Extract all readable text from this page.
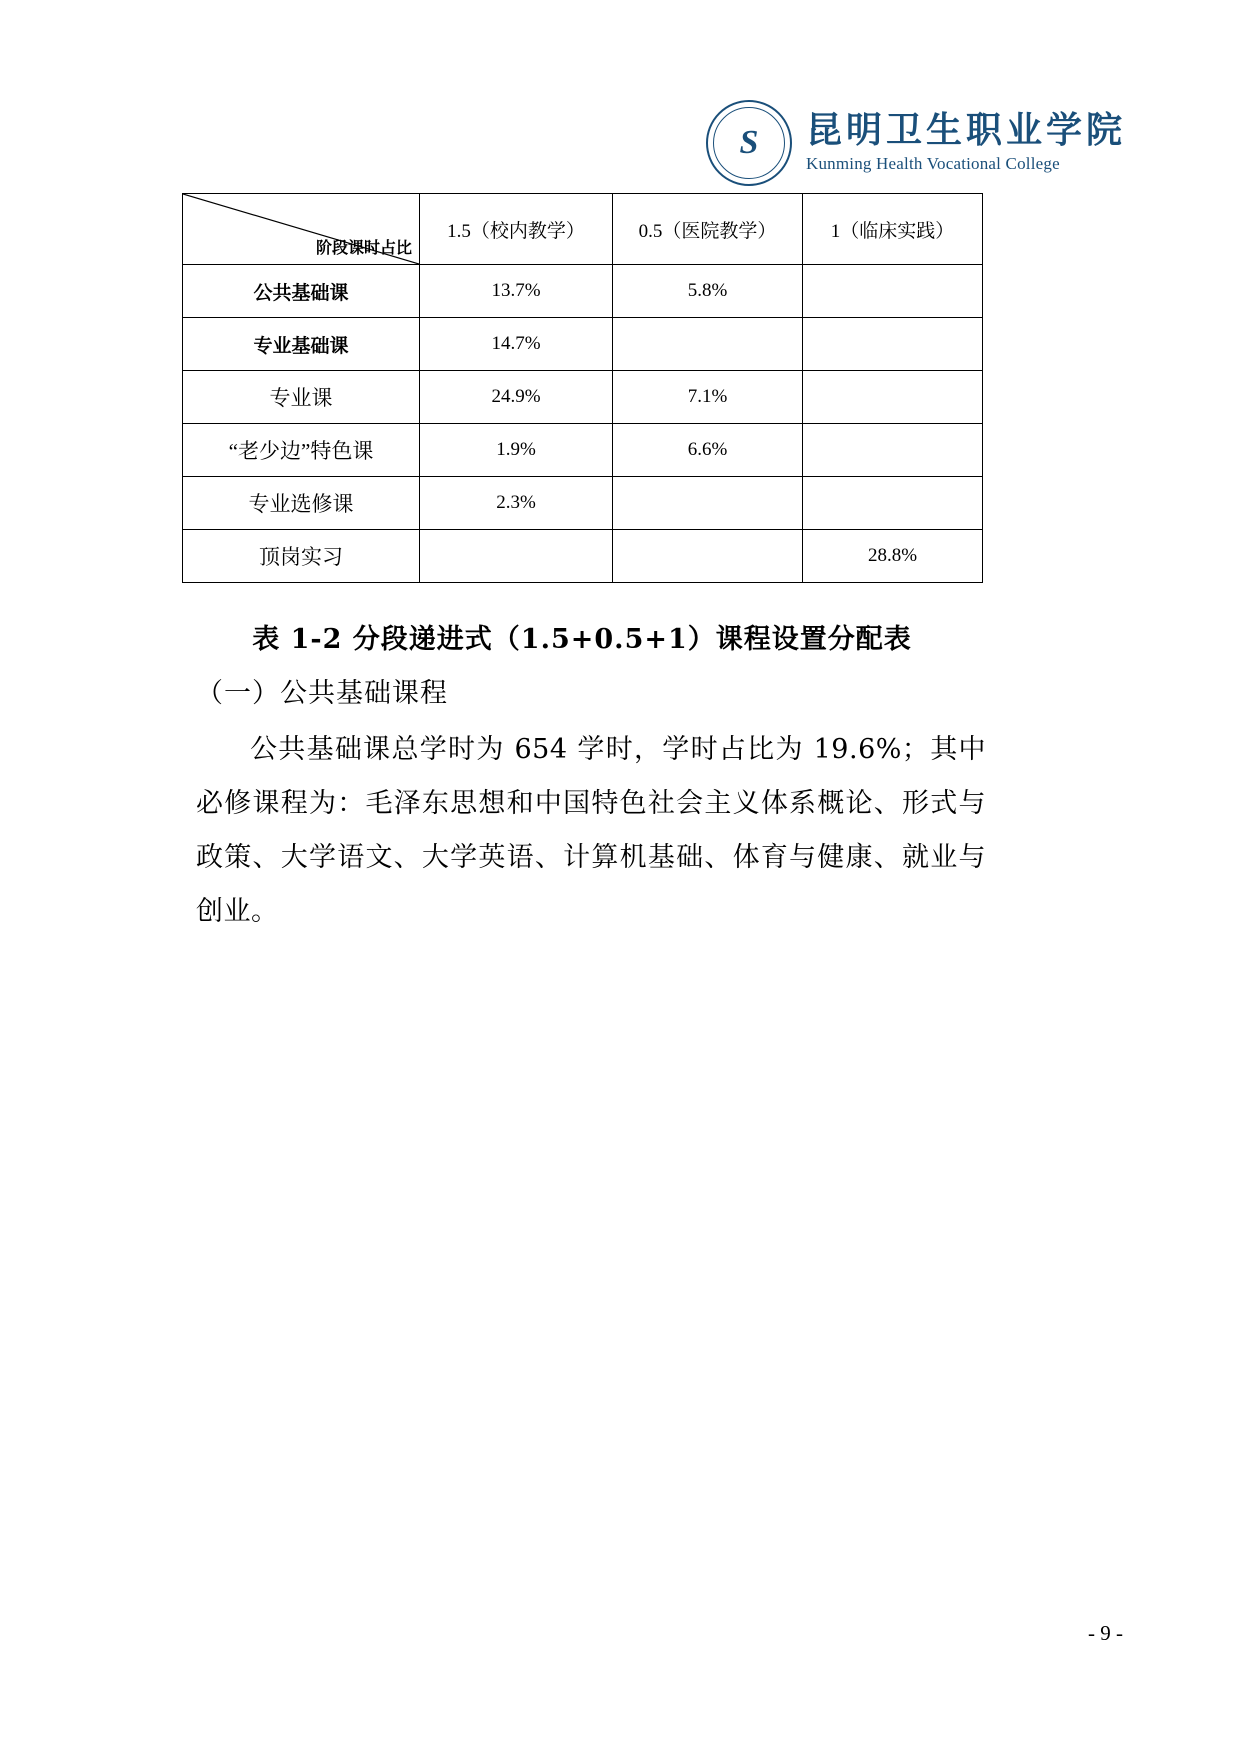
S 昆明卫生职业学院
Kunming Health Vocational College
阶段课时占比	1.5（校内教学）	0.5（医院教学）	1（临床实践）
公共基础课	13.7%	5.8%	
专业基础课	14.7%		
专业课	24.9%	7.1%	
“老少边”特色课	1.9%	6.6%	
专业选修课	2.3%		
顶岗实习			28.8%
表 1-2 分段递进式（1.5+0.5+1）课程设置分配表
（一）公共基础课程
公共基础课总学时为 654 学时，学时占比为 19.6%；其中必修课程为：毛泽东思想和中国特色社会主义体系概论、形式与政策、大学语文、大学英语、计算机基础、体育与健康、就业与创业。
- 9 -
